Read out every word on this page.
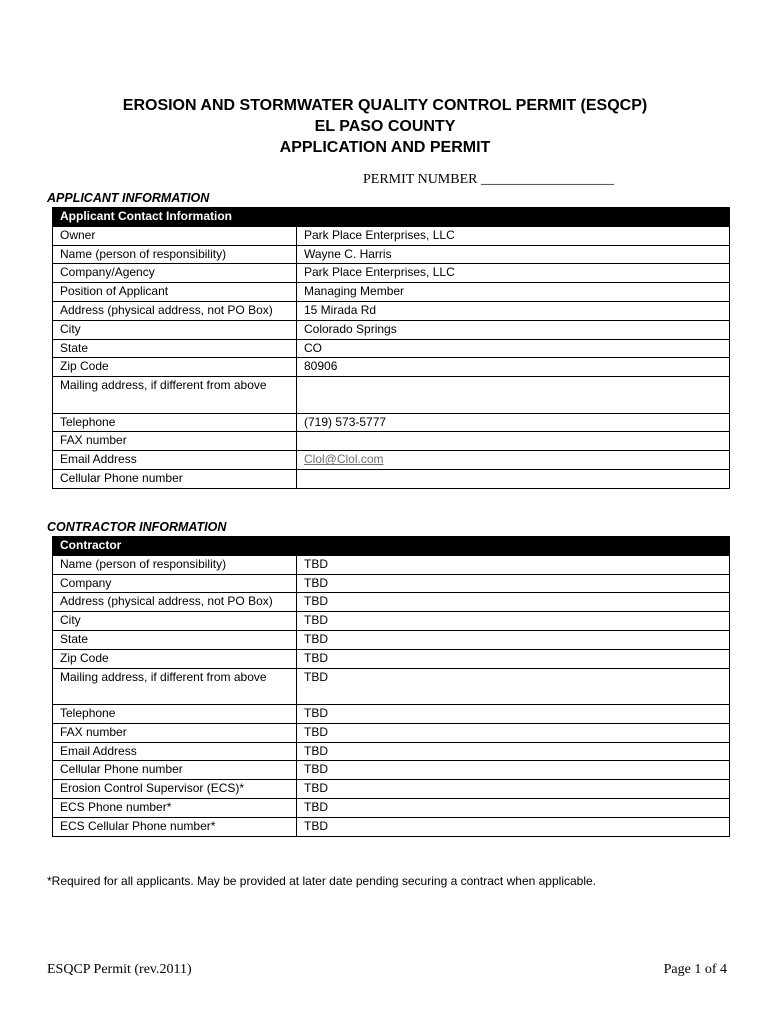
EROSION AND STORMWATER QUALITY CONTROL PERMIT (ESQCP)
EL PASO COUNTY
APPLICATION AND PERMIT
PERMIT NUMBER ___________________
APPLICANT INFORMATION
Applicant Contact Information	
Owner	Park Place Enterprises, LLC
Name (person of responsibility)	Wayne C. Harris
Company/Agency	Park Place Enterprises, LLC
Position of Applicant	Managing Member
Address (physical address, not PO Box)	15 Mirada Rd
City	Colorado Springs
State	CO
Zip Code	80906
Mailing address, if different from above	
Telephone	(719) 573-5777
FAX number	
Email Address	Clol@Clol.com
Cellular Phone number	
CONTRACTOR INFORMATION
Contractor	
Name (person of responsibility)	TBD
Company	TBD
Address (physical address, not PO Box)	TBD
City	TBD
State	TBD
Zip Code	TBD
Mailing address, if different from above	TBD
Telephone	TBD
FAX number	TBD
Email Address	TBD
Cellular Phone number	TBD
Erosion Control Supervisor (ECS)*	TBD
ECS Phone number*	TBD
ECS Cellular Phone number*	TBD
*Required for all applicants. May be provided at later date pending securing a contract when applicable.
ESQCP Permit (rev.2011)	Page 1 of 4
